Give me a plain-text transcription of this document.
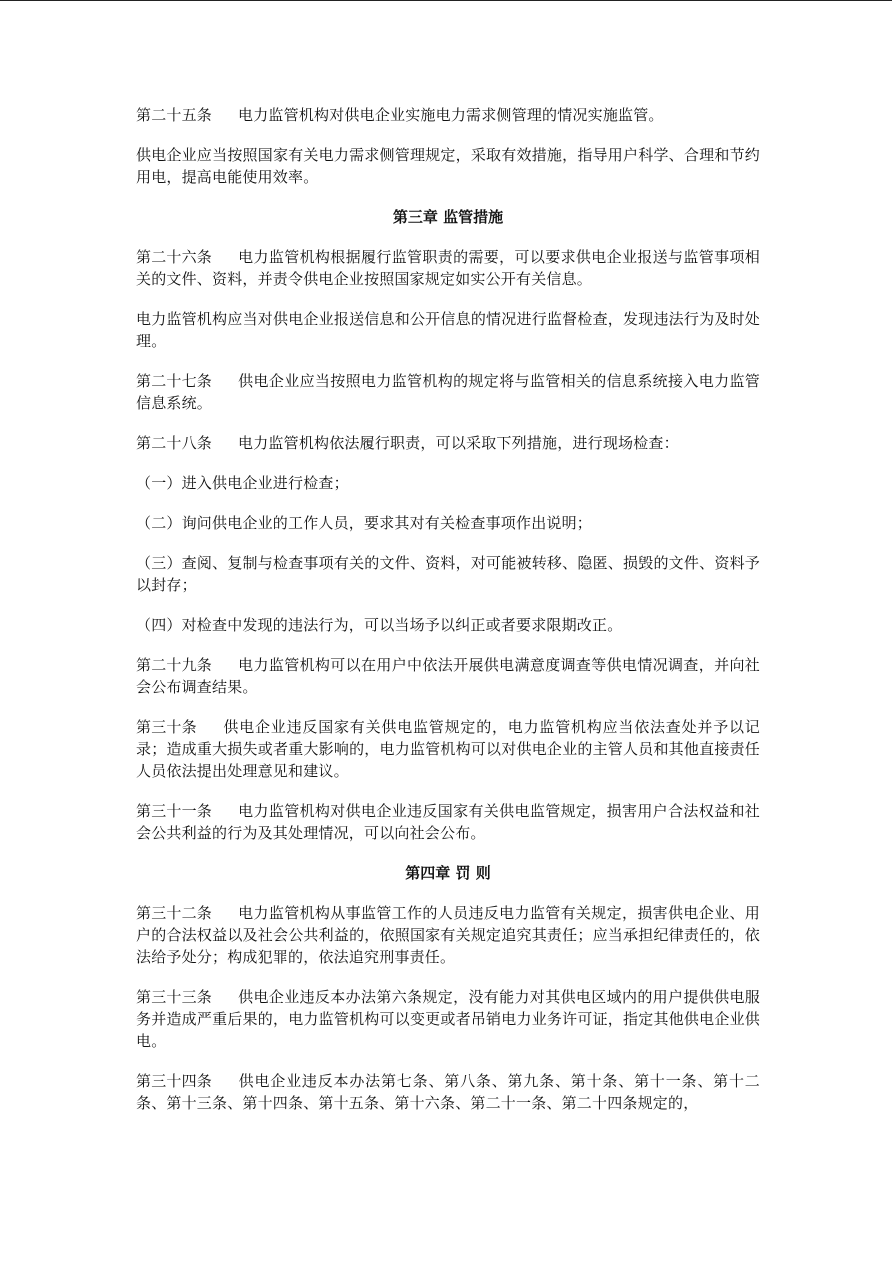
第二十五条 电力监管机构对供电企业实施电力需求侧管理的情况实施监管。

供电企业应当按照国家有关电力需求侧管理规定，采取有效措施，指导用户科学、合理和节约用电，提高电能使用效率。

第三章 监管措施

第二十六条 电力监管机构根据履行监管职责的需要，可以要求供电企业报送与监管事项相关的文件、资料，并责令供电企业按照国家规定如实公开有关信息。

电力监管机构应当对供电企业报送信息和公开信息的情况进行监督检查，发现违法行为及时处理。

第二十七条 供电企业应当按照电力监管机构的规定将与监管相关的信息系统接入电力监管信息系统。

第二十八条 电力监管机构依法履行职责，可以采取下列措施，进行现场检查：

（一）进入供电企业进行检查；

（二）询问供电企业的工作人员，要求其对有关检查事项作出说明；

（三）查阅、复制与检查事项有关的文件、资料，对可能被转移、隐匿、损毁的文件、资料予以封存；

（四）对检查中发现的违法行为，可以当场予以纠正或者要求限期改正。

第二十九条 电力监管机构可以在用户中依法开展供电满意度调查等供电情况调查，并向社会公布调查结果。

第三十条 供电企业违反国家有关供电监管规定的，电力监管机构应当依法查处并予以记录；造成重大损失或者重大影响的，电力监管机构可以对供电企业的主管人员和其他直接责任人员依法提出处理意见和建议。

第三十一条 电力监管机构对供电企业违反国家有关供电监管规定，损害用户合法权益和社会公共利益的行为及其处理情况，可以向社会公布。

第四章 罚 则

第三十二条 电力监管机构从事监管工作的人员违反电力监管有关规定，损害供电企业、用户的合法权益以及社会公共利益的，依照国家有关规定追究其责任；应当承担纪律责任的，依法给予处分；构成犯罪的，依法追究刑事责任。

第三十三条 供电企业违反本办法第六条规定，没有能力对其供电区域内的用户提供供电服务并造成严重后果的，电力监管机构可以变更或者吊销电力业务许可证，指定其他供电企业供电。

第三十四条 供电企业违反本办法第七条、第八条、第九条、第十条、第十一条、第十二条、第十三条、第十四条、第十五条、第十六条、第二十一条、第二十四条规定的，
